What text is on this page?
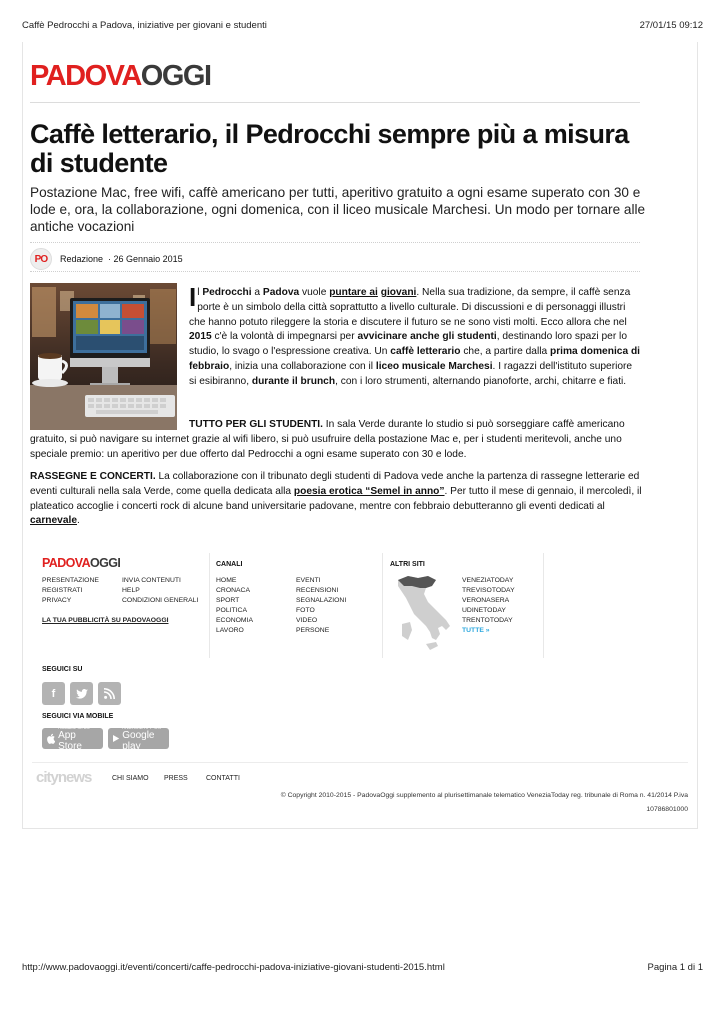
Caffè Pedrocchi a Padova, iniziative per giovani e studenti	27/01/15 09:12
http://www.padovaoggi.it/eventi/concerti/caffe-pedrocchi-padova-iniziative-giovani-studenti-2015.html	Pagina 1 di 1
PADOVAOGGI
Caffè letterario, il Pedrocchi sempre più a misura di studente

Postazione Mac, free wifi, caffè americano per tutti, aperitivo gratuito a ogni esame superato con 30 e lode e, ora, la collaborazione, ogni domenica, con il liceo musicale Marchesi. Un modo per tornare alle antiche vocazioni

PO Redazione
· 26 Gennaio 2015
Il Pedrocchi a Padova vuole puntare ai giovani. Nella sua tradizione, da sempre, il caffè senza porte è un simbolo della città soprattutto a livello culturale. Di discussioni e di personaggi illustri che hanno potuto rileggere la storia e discutere il futuro se ne sono visti molti. Ecco allora che nel 2015 c'è la volontà di impegnarsi per avvicinare anche gli studenti, destinando loro spazi per lo studio, lo svago o l'espressione creativa. Un caffè letterario che, a partire dalla prima domenica di febbraio, inizia una collaborazione con il liceo musicale Marchesi. I ragazzi dell'istituto superiore si esibiranno, durante il brunch, con i loro strumenti, alternando pianoforte, archi, chitarre e fiati.
TUTTO PER GLI STUDENTI. In sala Verde durante lo studio si può sorseggiare caffè americano gratuito, si può navigare su internet grazie al wifi libero, si può usufruire della postazione Mac e, per i studenti meritevoli, anche uno speciale premio: un aperitivo per due offerto dal Pedrocchi a ogni esame superato con 30 e lode.
RASSEGNE E CONCERTI. La collaborazione con il tribunato degli studenti di Padova vede anche la partenza di rassegne letterarie ed eventi culturali nella sala Verde, come quella dedicata alla poesia erotica “Semel in anno”. Per tutto il mese di gennaio, il mercoledì, il plateatico accoglie i concerti rock di alcune band universitarie padovane, mentre con febbraio debutteranno gli eventi dedicati al carnevale.
PADOVAOGGI
PRESENTAZIONE
REGISTRATI
PRIVACY
INVIA CONTENUTI
HELP
CONDIZIONI GENERALI
LA TUA PUBBLICITÀ SU PADOVAOGGI
CANALI
HOME
CRONACA
SPORT
POLITICA
ECONOMIA
LAVORO
EVENTI
RECENSIONI
SEGNALAZIONI
FOTO
VIDEO
PERSONE
ALTRI SITI
VENEZIATODAY
TREVISOTODAY
VERONASERA
UDINETODAY
TRENTOTODAY
TUTTE »
SEGUICI SU
f
SEGUICI VIA MOBILE
Available on the
App Store
ANDROID APP ON
Google play
citynews	CHI SIAMO PRESS	CONTATTI
© Copyright 2010-2015 - PadovaOggi supplemento al plurisettimanale telematico VeneziaToday reg. tribunale di Roma n. 41/2014 P.iva
10786801000
